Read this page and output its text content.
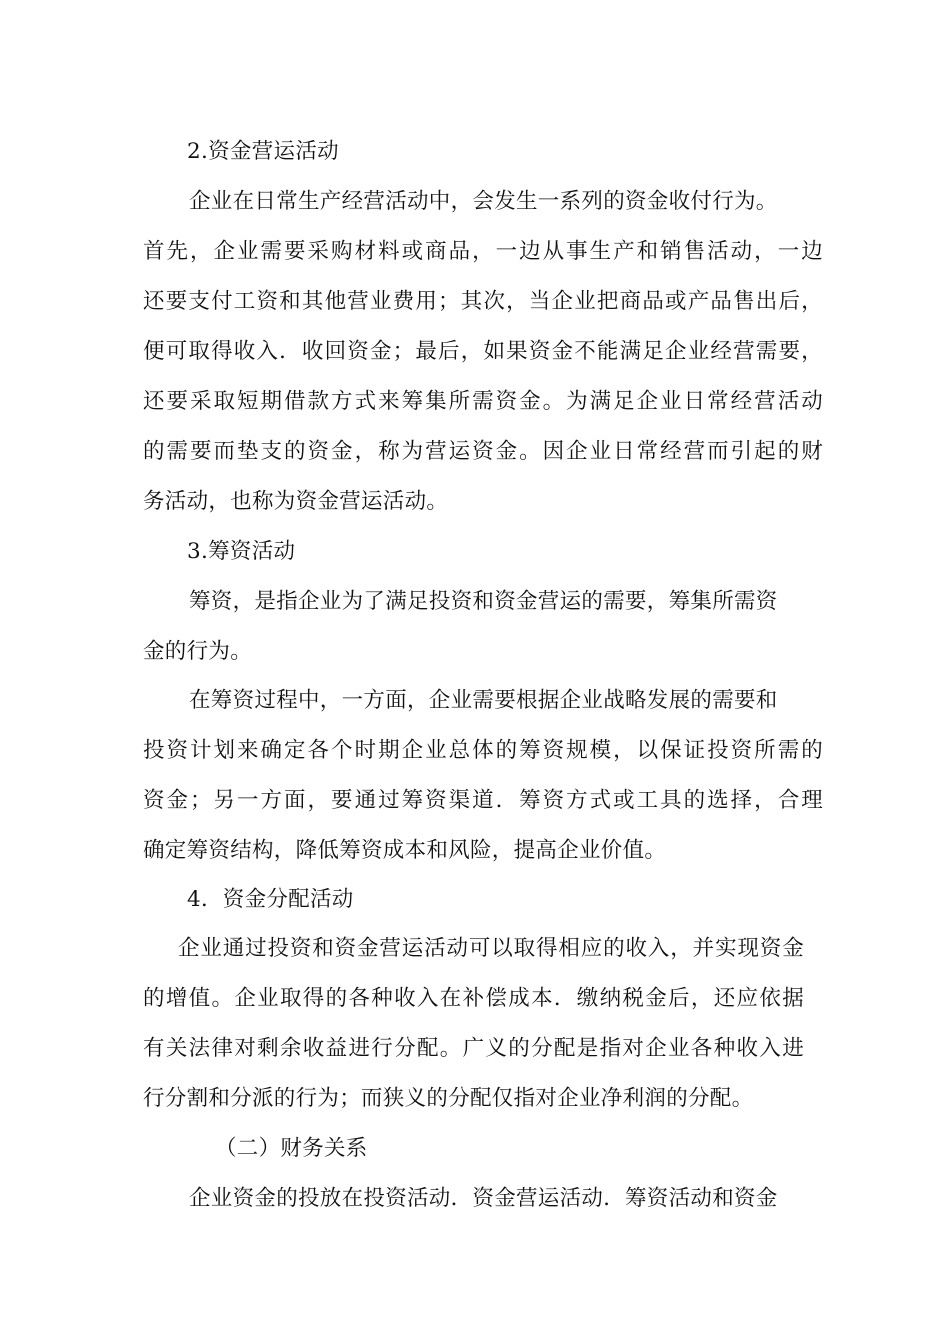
2.资金营运活动
企业在日常生产经营活动中，会发生一系列的资金收付行为。
首先，企业需要采购材料或商品，一边从事生产和销售活动，一边
还要支付工资和其他营业费用；其次，当企业把商品或产品售出后，
便可取得收入．收回资金；最后，如果资金不能满足企业经营需要，
还要采取短期借款方式来筹集所需资金。为满足企业日常经营活动
的需要而垫支的资金，称为营运资金。因企业日常经营而引起的财
务活动，也称为资金营运活动。
3.筹资活动
筹资，是指企业为了满足投资和资金营运的需要，筹集所需资
金的行为。
在筹资过程中，一方面，企业需要根据企业战略发展的需要和
投资计划来确定各个时期企业总体的筹资规模，以保证投资所需的
资金；另一方面，要通过筹资渠道．筹资方式或工具的选择，合理
确定筹资结构，降低筹资成本和风险，提高企业价值。
4．资金分配活动
企业通过投资和资金营运活动可以取得相应的收入，并实现资金
的增值。企业取得的各种收入在补偿成本．缴纳税金后，还应依据
有关法律对剩余收益进行分配。广义的分配是指对企业各种收入进
行分割和分派的行为；而狭义的分配仅指对企业净利润的分配。
（二）财务关系
企业资金的投放在投资活动．资金营运活动．筹资活动和资金
